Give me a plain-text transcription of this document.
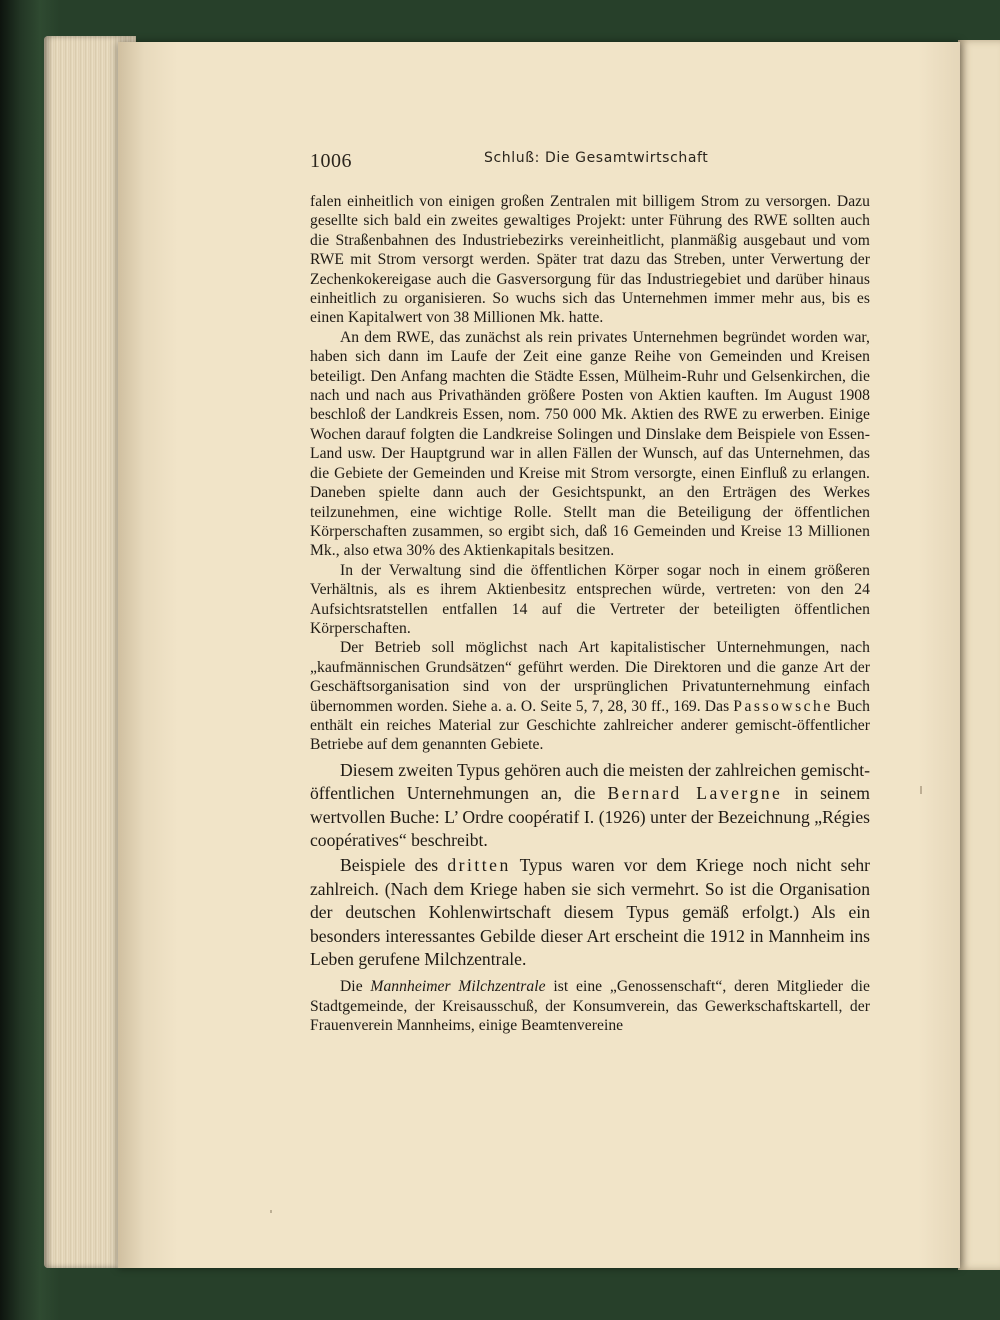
1006	Schluß: Die Gesamtwirtschaft

falen einheitlich von einigen großen Zentralen mit billigem Strom zu versorgen. Dazu gesellte sich bald ein zweites gewaltiges Projekt: unter Führung des RWE sollten auch die Straßenbahnen des Industriebezirks vereinheitlicht, planmäßig ausgebaut und vom RWE mit Strom versorgt werden. Später trat dazu das Streben, unter Verwertung der Zechenkokereigase auch die Gasversorgung für das Industriegebiet und darüber hinaus einheitlich zu organisieren. So wuchs sich das Unternehmen immer mehr aus, bis es einen Kapitalwert von 38 Millionen Mk. hatte.

An dem RWE, das zunächst als rein privates Unternehmen begründet worden war, haben sich dann im Laufe der Zeit eine ganze Reihe von Gemeinden und Kreisen beteiligt. Den Anfang machten die Städte Essen, Mülheim-Ruhr und Gelsenkirchen, die nach und nach aus Privathänden größere Posten von Aktien kauften. Im August 1908 beschloß der Landkreis Essen, nom. 750 000 Mk. Aktien des RWE zu erwerben. Einige Wochen darauf folgten die Landkreise Solingen und Dinslake dem Beispiele von Essen-Land usw. Der Hauptgrund war in allen Fällen der Wunsch, auf das Unternehmen, das die Gebiete der Gemeinden und Kreise mit Strom versorgte, einen Einfluß zu erlangen. Daneben spielte dann auch der Gesichtspunkt, an den Erträgen des Werkes teilzunehmen, eine wichtige Rolle. Stellt man die Beteiligung der öffentlichen Körperschaften zusammen, so ergibt sich, daß 16 Gemeinden und Kreise 13 Millionen Mk., also etwa 30% des Aktienkapitals besitzen.

In der Verwaltung sind die öffentlichen Körper sogar noch in einem größeren Verhältnis, als es ihrem Aktienbesitz entsprechen würde, vertreten: von den 24 Aufsichtsratstellen entfallen 14 auf die Vertreter der beteiligten öffentlichen Körperschaften.

Der Betrieb soll möglichst nach Art kapitalistischer Unternehmungen, nach „kaufmännischen Grundsätzen“ geführt werden. Die Direktoren und die ganze Art der Geschäftsorganisation sind von der ursprünglichen Privatunternehmung einfach übernommen worden. Siehe a. a. O. Seite 5, 7, 28, 30 ff., 169. Das Passowsche Buch enthält ein reiches Material zur Geschichte zahlreicher anderer gemischt-öffentlicher Betriebe auf dem genannten Gebiete.

Diesem zweiten Typus gehören auch die meisten der zahlreichen gemischt-öffentlichen Unternehmungen an, die Bernard Lavergne in seinem wertvollen Buche: L’ Ordre coopératif I. (1926) unter der Bezeichnung „Régies coopératives“ beschreibt.

Beispiele des dritten Typus waren vor dem Kriege noch nicht sehr zahlreich. (Nach dem Kriege haben sie sich vermehrt. So ist die Organisation der deutschen Kohlenwirtschaft diesem Typus gemäß erfolgt.) Als ein besonders interessantes Gebilde dieser Art erscheint die 1912 in Mannheim ins Leben gerufene Milchzentrale.

Die Mannheimer Milchzentrale ist eine „Genossenschaft“, deren Mitglieder die Stadtgemeinde, der Kreisausschuß, der Konsumverein, das Gewerkschaftskartell, der Frauenverein Mannheims, einige Beamtenvereine
